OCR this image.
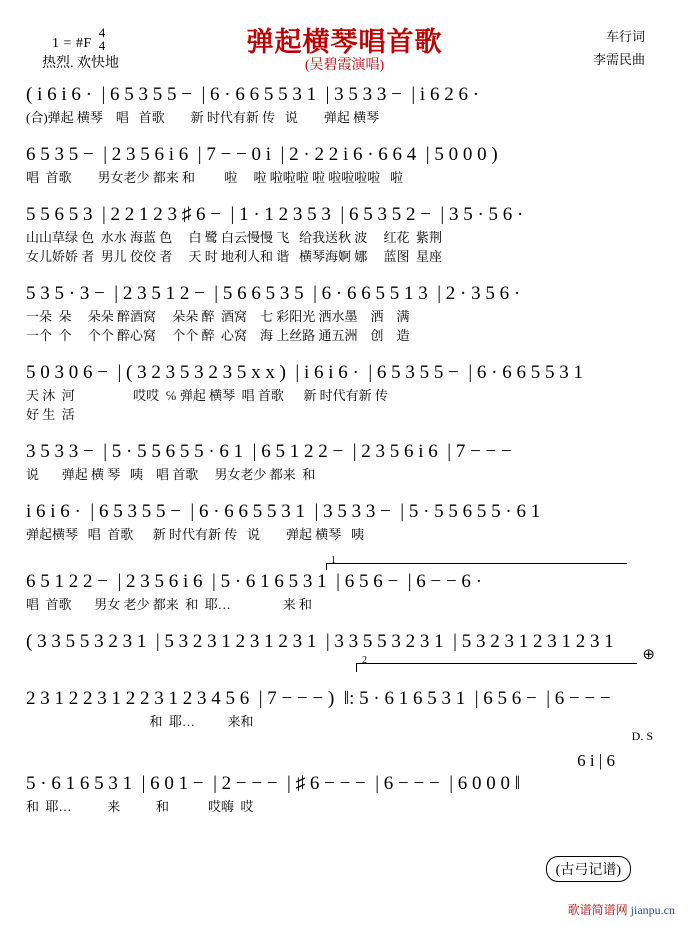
1 = #F
4
4
热烈. 欢快地
弹起横琴唱首歌
(吴碧霞演唱)
车行词
李需民曲
( i 6 i 6 ·  | 6 5 3 5 5 −  | 6 · 6 6 5 5 3 1  | 3 5 3 3 −  | i 6 2 6 ·
(合)弹起 横琴    唱   首歌        新 时代有新 传   说        弹起 横琴
6 5 3 5 −  | 2 3 5 6 i 6  | 7 − − 0 i  | 2 · 2 2 i 6 · 6 6 4  | 5 0 0 0 )
唱  首歌        男女老少 都来 和         啦     啦 啦啦啦 啦 啦啦啦啦   啦
5 5 6 5 3  | 2 2 1 2 3 ♯ 6 −  | 1 · 1 2 3 5 3  | 6 5 3 5 2 −  | 3 5 · 5 6 ·
山山草绿 色  水水 海蓝 色     白 鹭 白云慢慢 飞   给我送秋 波     红花  紫荆
女儿娇娇 者  男儿 佼佼 者     天 时 地利人和 谐   横琴海婀 娜     蓝图  星座
5 3 5 · 3 −  | 2 3 5 1 2 −  | 5 6 6 5 3 5  | 6 · 6 6 5 5 1 3  | 2 · 3 5 6 ·
一朵  朵     朵朵 醉酒窝     朵朵 醉  酒窝    七 彩阳光 洒水墨    洒    满
一个  个     个个 醉心窝     个个 醉  心窝    海 上丝路 通五洲    创    造
5 0 3 0 6 −  | ( 3 2 3 5 3 2 3 5 x x )  | i 6 i 6 ·  | 6 5 3 5 5 −  | 6 · 6 6 5 5 3 1
天 沐  河                  哎哎  ℅ 弹起 横琴  唱 首歌      新 时代有新 传
好 生  活
3 5 3 3 −  | 5 · 5 5 6 5 5 · 6 1  | 6 5 1 2 2 −  | 2 3 5 6 i 6  | 7 − − −
说       弹起 横 琴   咦    唱 首歌     男女老少 都来  和
i 6 i 6 ·  | 6 5 3 5 5 −  | 6 · 6 6 5 5 3 1  | 3 5 3 3 −  | 5 · 5 5 6 5 5 · 6 1
弹起横琴   唱  首歌      新 时代有新 传   说        弹起 横琴   咦
1
6 5 1 2 2 −  | 2 3 5 6 i 6  | 5 · 6 1 6 5 3 1  | 6 5 6 −  | 6 − − 6 ·
唱  首歌       男女 老少 都来  和  耶…                来 和
( 3 3 5 5 3 2 3 1  | 5 3 2 3 1 2 3 1 2 3 1  | 3 3 5 5 3 2 3 1  | 5 3 2 3 1 2 3 1 2 3 1
2	⊕
2 3 1 2 2 3 1 2 2 3 1 2 3 4 5 6  | 7 − − − )  ‖: 5 · 6 1 6 5 3 1  | 6 5 6 −  | 6 − − −
和  耶…          来和
D. S
6 i | 6
5 · 6 1 6 5 3 1  | 6 0 1 −  | 2 − − −  | ♯ 6 − − −  | 6 − − −  | 6 0 0 0 ‖
和  耶…           来           和            哎嗨  哎
(古弓记谱)
歌谱简谱网 jianpu.cn
